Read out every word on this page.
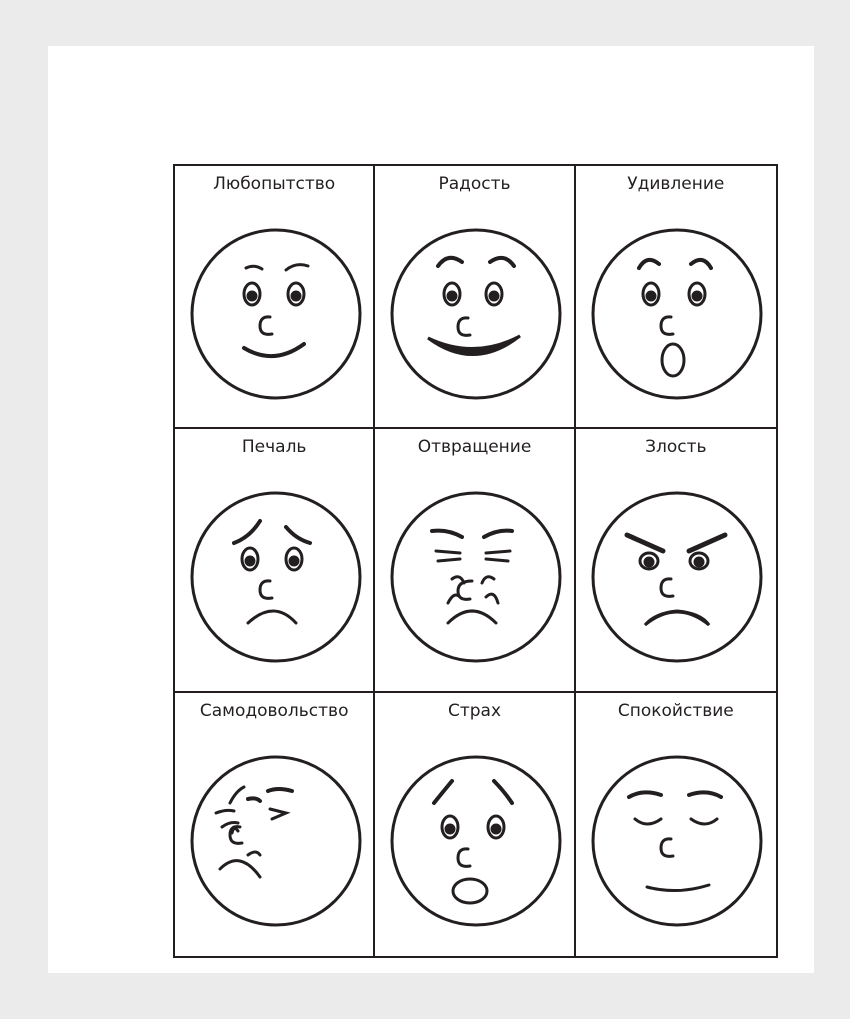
Любопытство	Радость	Удивление
Печаль	Отвращение	Злость
Самодовольство	Страх	Спокойствие
